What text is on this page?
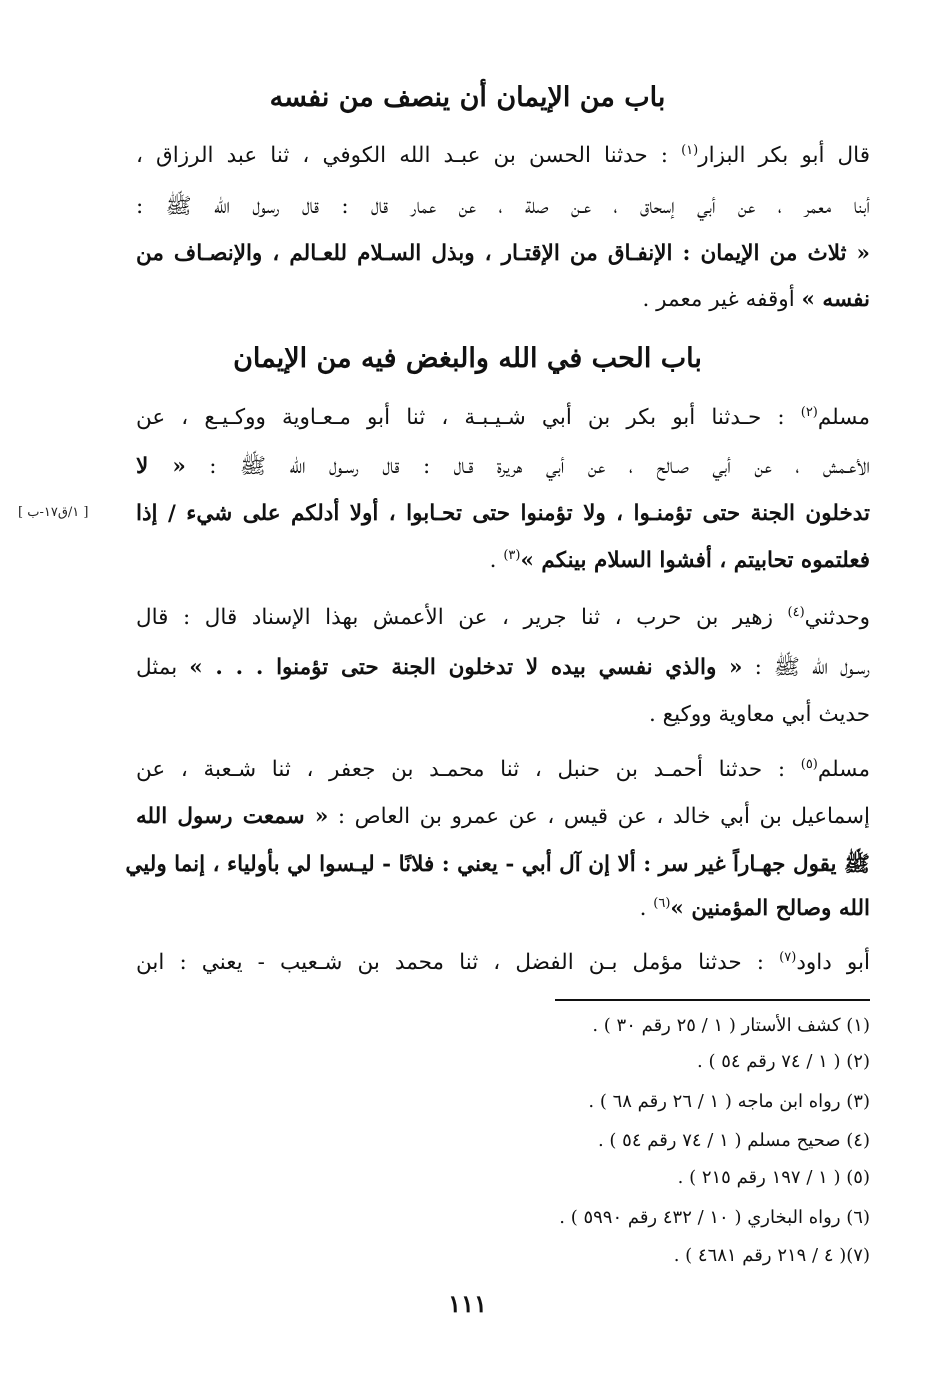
باب من الإيمان أن ينصف من نفسه
قال أبو بكر البزار$^{(١)}$ : حدثنا الحسن بن عبـد الله الكوفي ، ثنا عبد الرزاق ،
أبنا معمر ، عن أبي إسحاق ، عـن صلة ، عن عمار قال : قال رسول الله ﷺ :
« ثلاث من الإيمان : الإنفـاق من الإقتـار ، وبذل السـلام للعـالم ، والإنصـاف من
نفسه » أوقفه غير معمر .
باب الحب في الله والبغض فيه من الإيمان
مسلم$^{(٢)}$ : حـدثنا أبو بكر بن أبي شـيـبـة ، ثنا أبو مـعـاوية ووكـيـع ، عن
الأعـمش ، عن أبي صـالح ، عن أبي هريرة قـال : قال رسـول الله ﷺ : « لا
تدخلون الجنة حتى تؤمنـوا ، ولا تؤمنوا حتى تحـابوا ، أولا أدلكم على شيء / إذا
[ ١/ق١٧-ب ]
فعلتموه تحابيتم ، أفشوا السلام بينكم »$^{(٣)}$ .
وحدثني$^{(٤)}$ زهير بن حرب ، ثنا جرير ، عن الأعمش بهذا الإسناد قال : قال
رسـول الله ﷺ : « والذي نفسي بيده لا تدخلون الجنة حتى تؤمنوا . . . » بمثل
حديث أبي معاوية ووكيع .
مسلم$^{(٥)}$ : حدثنا أحمـد بن حنبل ، ثنا محمـد بن جعفر ، ثنا شـعبة ، عن
إسماعيل بن أبي خالد ، عن قيس ، عن عمرو بن العاص : « سمعت رسول الله
ﷺ يقول جهـاراً غير سر : ألا إن آل أبي - يعني : فلانًا - ليـسوا لي بأولياء ، إنما وليي
الله وصالح المؤمنين »$^{(٦)}$ .
أبو داود$^{(٧)}$ : حدثنا مؤمل بـن الفضل ، ثنا محمد بن شـعيب - يعني : ابن
(١) كشف الأستار ( ١ / ٢٥ رقم ٣٠ ) .
(٢) ( ١ / ٧٤ رقم ٥٤ ) .
(٣) رواه ابن ماجه ( ١ / ٢٦ رقم ٦٨ ) .
(٤) صحيح مسلم ( ١ / ٧٤ رقم ٥٤ ) .
(٥) ( ١ / ١٩٧ رقم ٢١٥ ) .
(٦) رواه البخاري ( ١٠ / ٤٣٢ رقم ٥٩٩٠ ) .
(٧)( ٤ / ٢١٩ رقم ٤٦٨١ ) .
١١١
